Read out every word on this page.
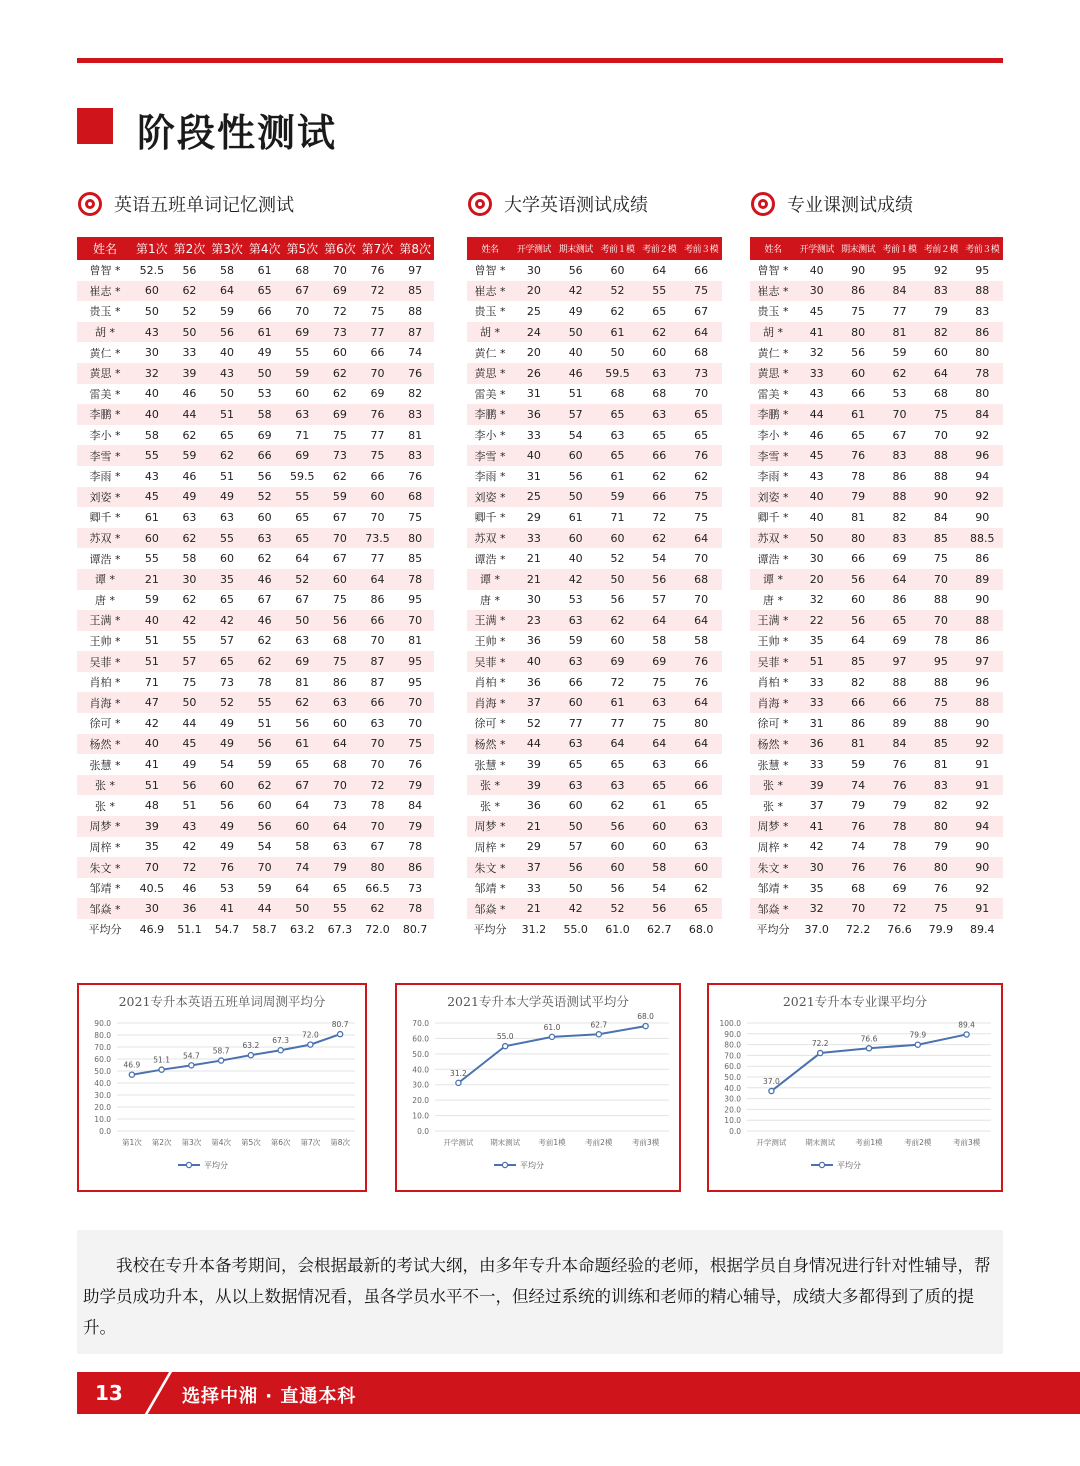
阶段性测试
英语五班单词记忆测试	大学英语测试成绩	专业课测试成绩
姓名	第1次	第2次	第3次	第4次	第5次	第6次	第7次	第8次
曾智 *	52.5	56	58	61	68	70	76	97
崔志 *	60	62	64	65	67	69	72	85
贵玉 *	50	52	59	66	70	72	75	88
胡 *	43	50	56	61	69	73	77	87
黄仁 *	30	33	40	49	55	60	66	74
黄思 *	32	39	43	50	59	62	70	76
雷美 *	40	46	50	53	60	62	69	82
李鹏 *	40	44	51	58	63	69	76	83
李小 *	58	62	65	69	71	75	77	81
李雪 *	55	59	62	66	69	73	75	83
李雨 *	43	46	51	56	59.5	62	66	76
刘姿 *	45	49	49	52	55	59	60	68
卿千 *	61	63	63	60	65	67	70	75
苏双 *	60	62	55	63	65	70	73.5	80
谭浩 *	55	58	60	62	64	67	77	85
谭 *	21	30	35	46	52	60	64	78
唐 *	59	62	65	67	67	75	86	95
王满 *	40	42	42	46	50	56	66	70
王帅 *	51	55	57	62	63	68	70	81
吴菲 *	51	57	65	62	69	75	87	95
肖柏 *	71	75	73	78	81	86	87	95
肖海 *	47	50	52	55	62	63	66	70
徐可 *	42	44	49	51	56	60	63	70
杨然 *	40	45	49	56	61	64	70	75
张慧 *	41	49	54	59	65	68	70	76
张 *	51	56	60	62	67	70	72	79
张 *	48	51	56	60	64	73	78	84
周梦 *	39	43	49	56	60	64	70	79
周梓 *	35	42	49	54	58	63	67	78
朱文 *	70	72	76	70	74	79	80	86
邹靖 *	40.5	46	53	59	64	65	66.5	73
邹焱 *	30	36	41	44	50	55	62	78
平均分	46.9	51.1	54.7	58.7	63.2	67.3	72.0	80.7
姓名	开学测试	期末测试	考前１模	考前２模	考前３模
曾智 *	30	56	60	64	66
崔志 *	20	42	52	55	75
贵玉 *	25	49	62	65	67
胡 *	24	50	61	62	64
黄仁 *	20	40	50	60	68
黄思 *	26	46	59.5	63	73
雷美 *	31	51	68	68	70
李鹏 *	36	57	65	63	65
李小 *	33	54	63	65	65
李雪 *	40	60	65	66	76
李雨 *	31	56	61	62	62
刘姿 *	25	50	59	66	75
卿千 *	29	61	71	72	75
苏双 *	33	60	60	62	64
谭浩 *	21	40	52	54	70
谭 *	21	42	50	56	68
唐 *	30	53	56	57	70
王满 *	23	63	62	64	64
王帅 *	36	59	60	58	58
吴菲 *	40	63	69	69	76
肖柏 *	36	66	72	75	76
肖海 *	37	60	61	63	64
徐可 *	52	77	77	75	80
杨然 *	44	63	64	64	64
张慧 *	39	65	65	63	66
张 *	39	63	63	65	66
张 *	36	60	62	61	65
周梦 *	21	50	56	60	63
周梓 *	29	57	60	60	63
朱文 *	37	56	60	58	60
邹靖 *	33	50	56	54	62
邹焱 *	21	42	52	56	65
平均分	31.2	55.0	61.0	62.7	68.0
姓名	开学测试	期末测试	考前１模	考前２模	考前３模
曾智 *	40	90	95	92	95
崔志 *	30	86	84	83	88
贵玉 *	45	75	77	79	83
胡 *	41	80	81	82	86
黄仁 *	32	56	59	60	80
黄思 *	33	60	62	64	78
雷美 *	43	66	53	68	80
李鹏 *	44	61	70	75	84
李小 *	46	65	67	70	92
李雪 *	45	76	83	88	96
李雨 *	43	78	86	88	94
刘姿 *	40	79	88	90	92
卿千 *	40	81	82	84	90
苏双 *	50	80	83	85	88.5
谭浩 *	30	66	69	75	86
谭 *	20	56	64	70	89
唐 *	32	60	86	88	90
王满 *	22	56	65	70	88
王帅 *	35	64	69	78	86
吴菲 *	51	85	97	95	97
肖柏 *	33	82	88	88	96
肖海 *	33	66	66	75	88
徐可 *	31	86	89	88	90
杨然 *	36	81	84	85	92
张慧 *	33	59	76	81	91
张 *	39	74	76	83	91
张 *	37	79	79	82	92
周梦 *	41	76	78	80	94
周梓 *	42	74	78	79	90
朱文 *	30	76	76	80	90
邹靖 *	35	68	69	76	92
邹焱 *	32	70	72	75	91
平均分	37.0	72.2	76.6	79.9	89.4
2021专升本英语五班单词周测平均分
0.0
10.0
20.0
30.0
40.0
50.0
60.0
70.0
80.0
90.0
第1次 第2次 第3次 第4次 第5次 第6次 第7次 第8次
46.9
51.1 54.7
58.7
63.2
67.3
72.0
80.7
平均分
2021专升本大学英语测试平均分
0.0
10.0
20.0
30.0
40.0
50.0
60.0
70.0
开学测试 期末测试 考前1模	考前2模	考前3模
31.2
55.0
61.0	62.7
68.0
平均分
2021专升本专业课平均分
0.0
10.0
20.0
30.0
40.0
50.0
60.0
70.0
80.0
90.0
100.0
开学测试	期末测试	考前1模	考前2模	考前3模
37.0
72.2
76.6	79.9
89.4
平均分
我校在专升本备考期间，会根据最新的考试大纲，由多年专升本命题经验的老师，根据学员自身情况进行针对性辅导，帮助学员成功升本，从以上数据情况看，虽各学员水平不一，但经过系统的训练和老师的精心辅导，成绩大多都得到了质的提升。
13	选择中湘 · 直通本科
